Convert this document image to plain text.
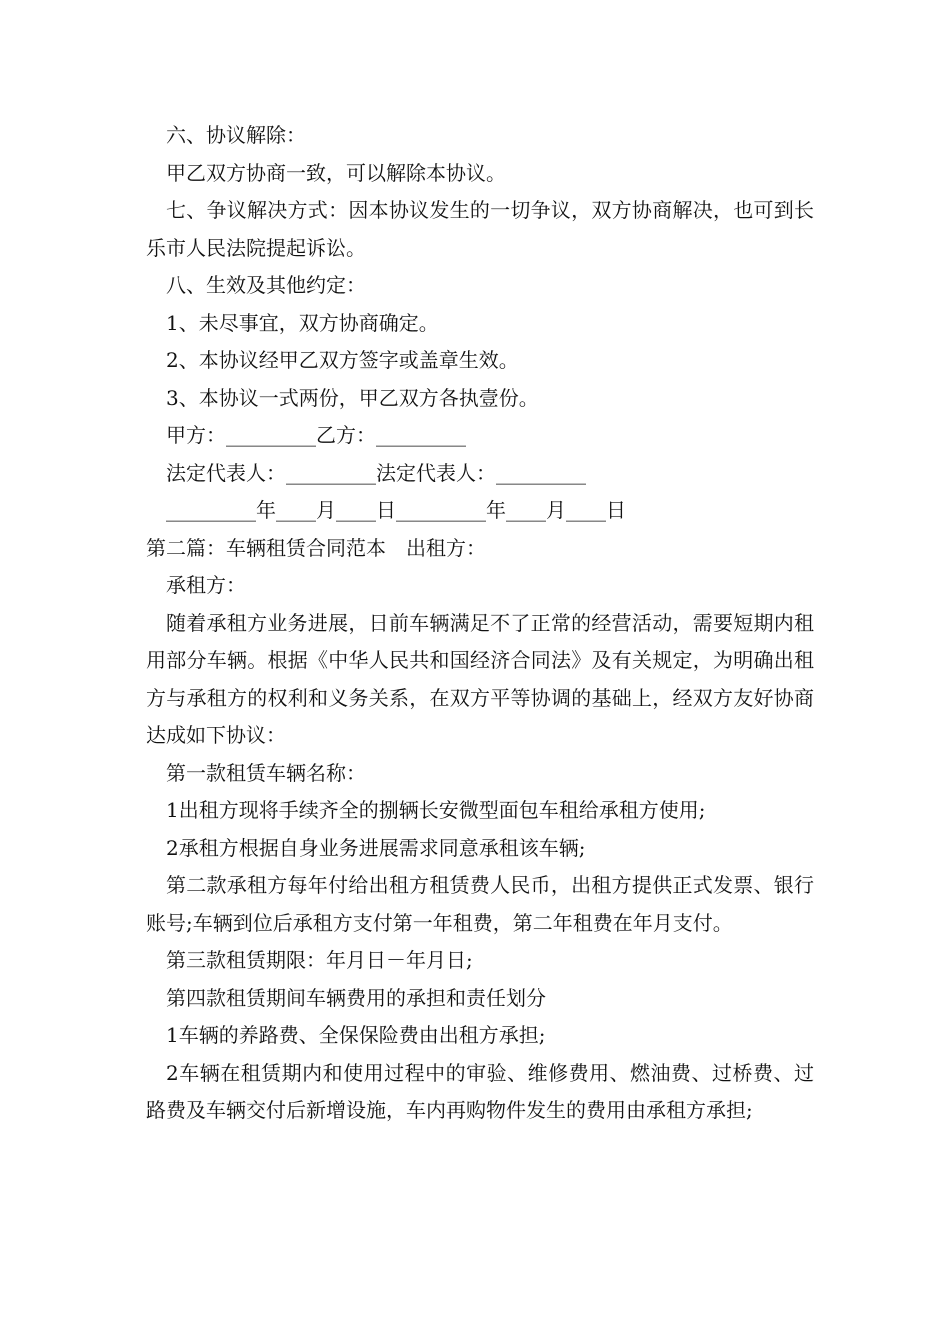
六、协议解除：

甲乙双方协商一致，可以解除本协议。

七、争议解决方式：因本协议发生的一切争议，双方协商解决，也可到长乐市人民法院提起诉讼。

八、生效及其他约定：

1、未尽事宜，双方协商确定。

2、本协议经甲乙双方签字或盖章生效。

3、本协议一式两份，甲乙双方各执壹份。

甲方：_________乙方：_________

法定代表人：_________法定代表人：_________

_________年____月____日_________年____月____日

第二篇：车辆租赁合同范本　出租方：

承租方：

随着承租方业务进展，日前车辆满足不了正常的经营活动，需要短期内租用部分车辆。根据《中华人民共和国经济合同法》及有关规定，为明确出租方与承租方的权利和义务关系，在双方平等协调的基础上，经双方友好协商达成如下协议：

第一款租赁车辆名称：

1出租方现将手续齐全的捌辆长安微型面包车租给承租方使用;

2承租方根据自身业务进展需求同意承租该车辆;

第二款承租方每年付给出租方租赁费人民币，出租方提供正式发票、银行账号;车辆到位后承租方支付第一年租费，第二年租费在年月支付。

第三款租赁期限：年月日－年月日;

第四款租赁期间车辆费用的承担和责任划分

1车辆的养路费、全保保险费由出租方承担;

2车辆在租赁期内和使用过程中的审验、维修费用、燃油费、过桥费、过路费及车辆交付后新增设施，车内再购物件发生的费用由承租方承担;
